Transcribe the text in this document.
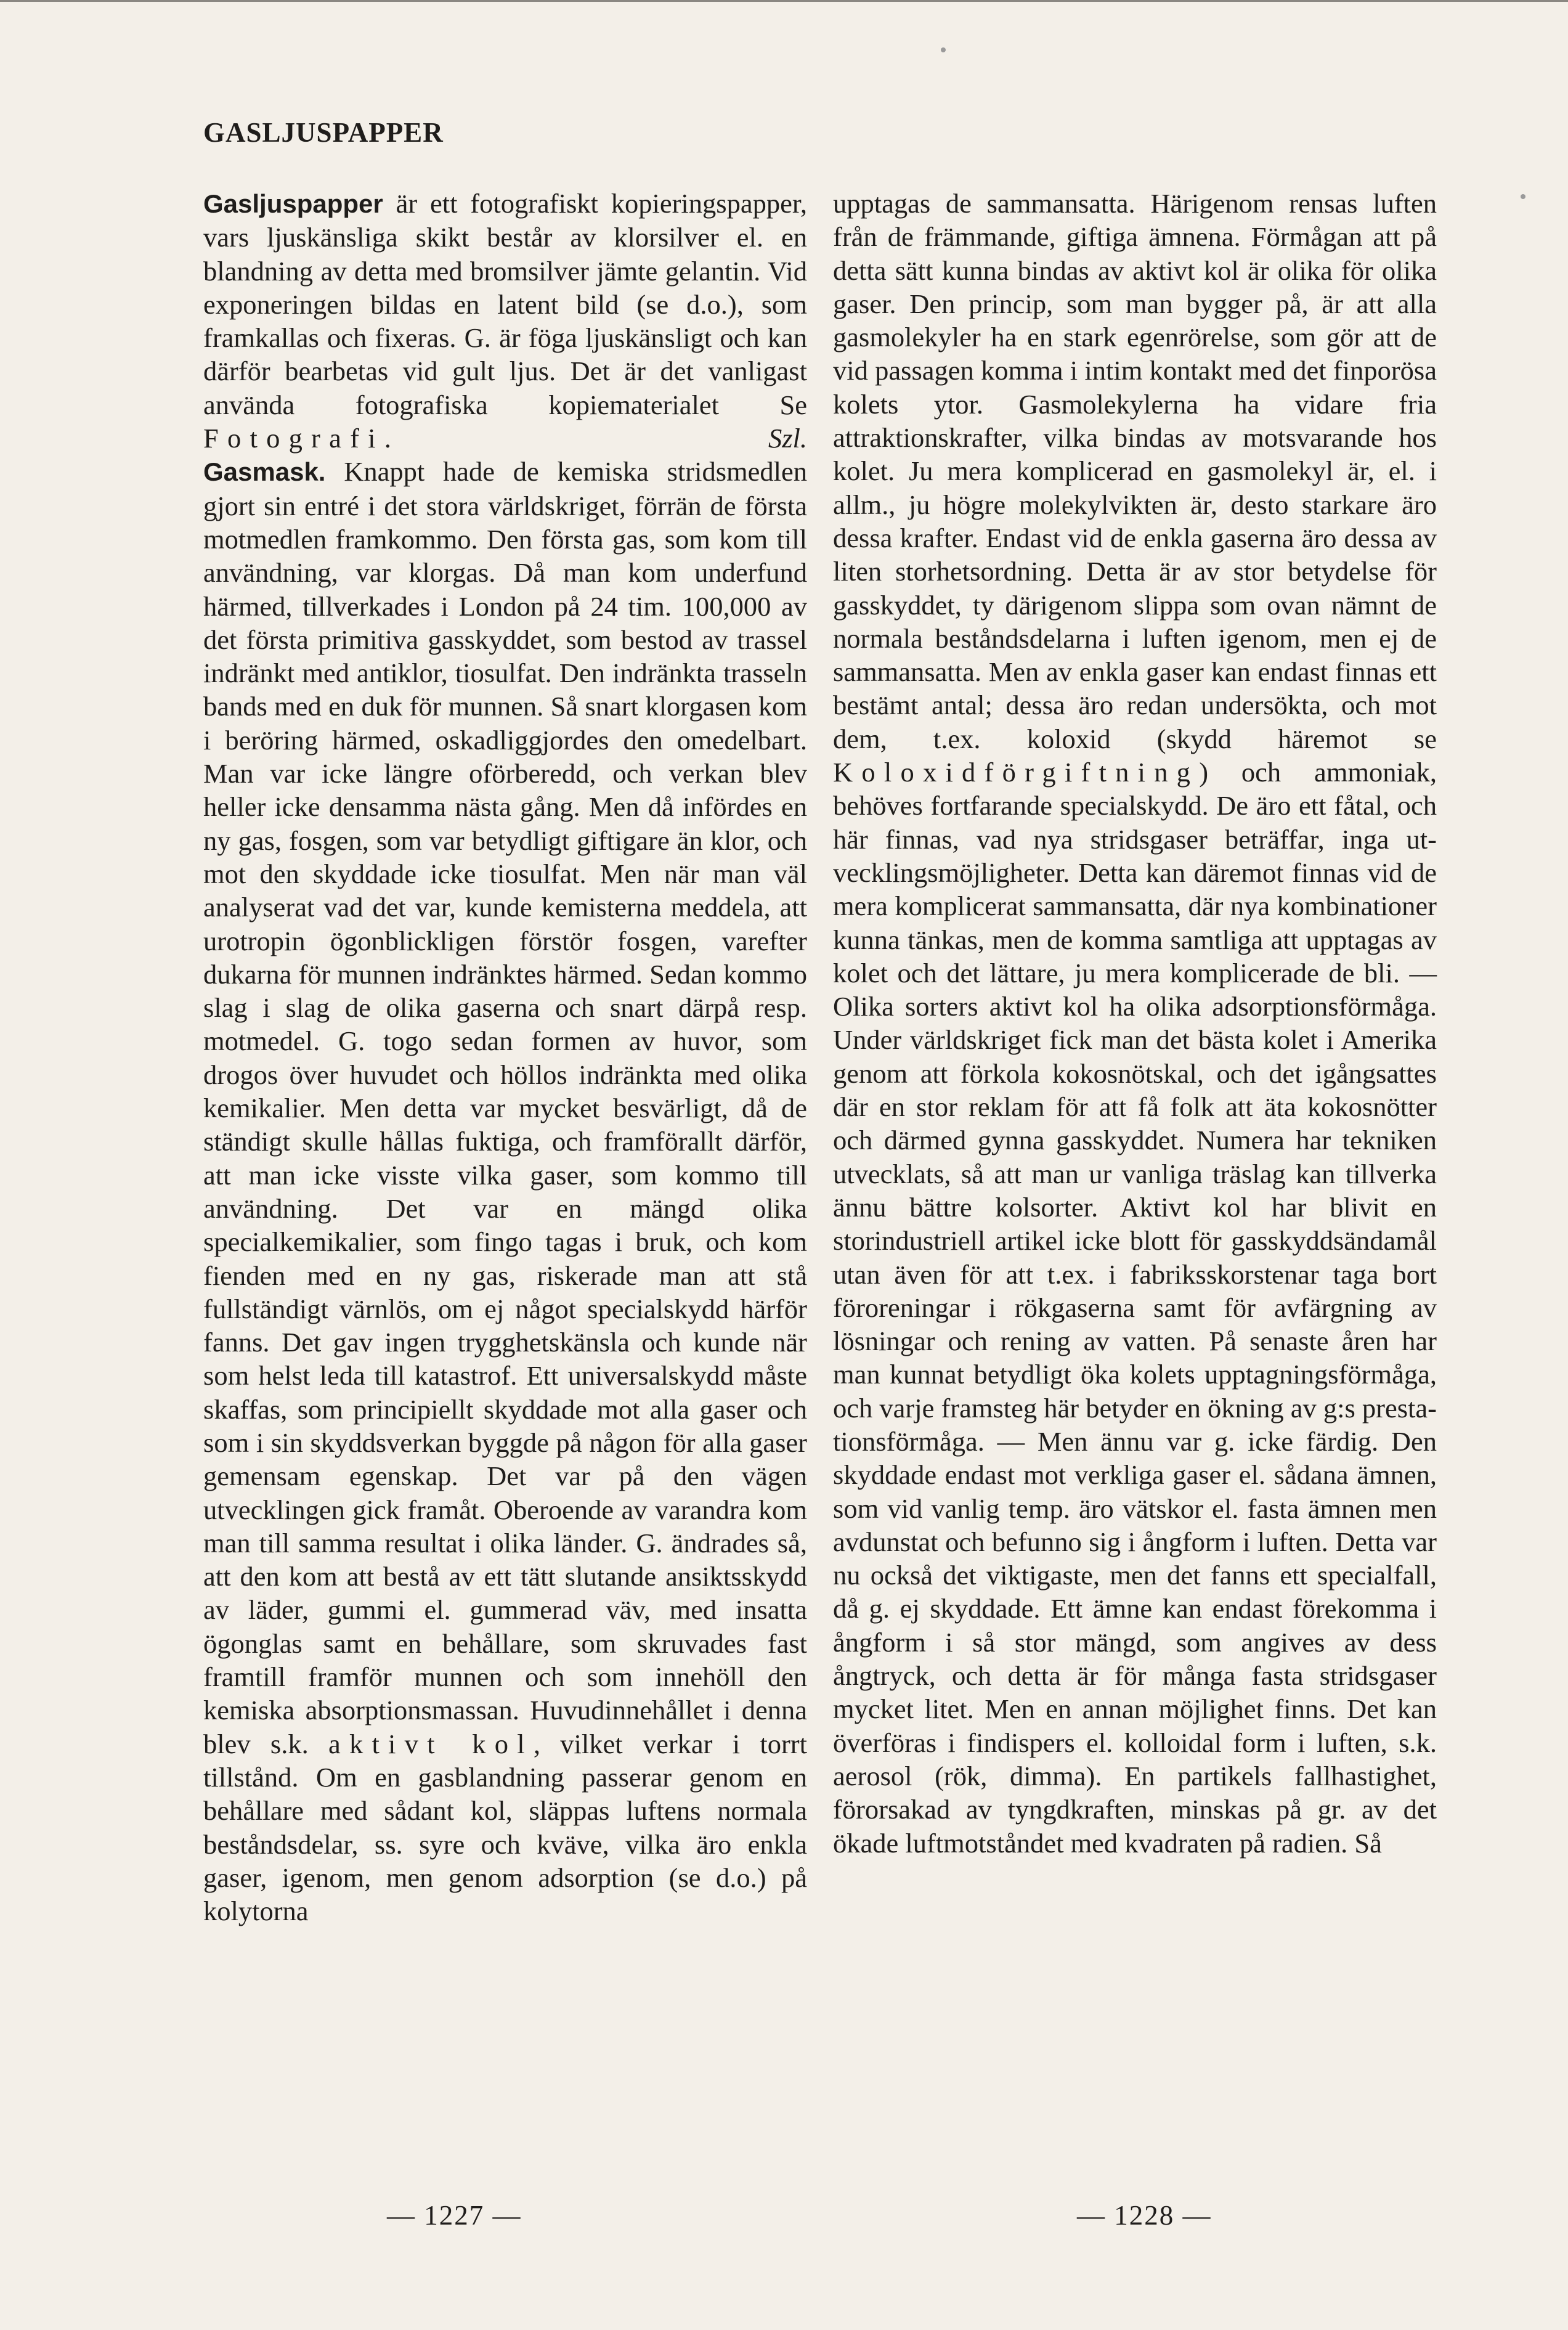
GASLJUSPAPPER

Gasljuspapper är ett fotografiskt kopieringspapper, vars ljuskänsliga skikt består av klorsilver el. en blandning av detta med bromsilver jämte gelantin. Vid exponeringen bildas en latent bild (se d.o.), som framkallas och fixeras. G. är föga ljuskänsligt och kan därför bearbetas vid gult ljus. Det är det vanligast använda fotografiska kopiematerialet Se Fotografi.	Szl.

Gasmask. Knappt hade de kemiska stridsmedlen gjort sin entré i det stora världskriget, förrän de första motmedlen framkommo. Den första gas, som kom till användning, var klorgas. Då man kom underfund härmed, tillverkades i London på 24 tim. 100,000 av det första primitiva gasskyddet, som bestod av trassel indränkt med antiklor, tiosulfat. Den indränkta trasseln bands med en duk för munnen. Så snart klorgasen kom i beröring härmed, oskadliggjordes den omedelbart. Man var icke längre oförberedd, och verkan blev heller icke densamma nästa gång. Men då infördes en ny gas, fosgen, som var betydligt giftigare än klor, och mot den skyddade icke tiosulfat. Men när man väl analyserat vad det var, kunde kemisterna meddela, att urotropin ögonblickligen förstör fosgen, varefter dukarna för munnen indränktes härmed. Sedan kommo slag i slag de olika gaserna och snart därpå resp. motmedel. G. togo sedan formen av huvor, som drogos över huvudet och höllos indränkta med olika kemikalier. Men detta var mycket besvärligt, då de ständigt skulle hållas fuktiga, och framförallt därför, att man icke visste vilka gaser, som kommo till användning. Det var en mängd olika specialkemikalier, som fingo tagas i bruk, och kom fienden med en ny gas, riskerade man att stå fullständigt värnlös, om ej något specialskydd härför fanns. Det gav ingen trygghetskänsla och kunde när som helst leda till katastrof. Ett universalskydd måste skaffas, som principiellt skyddade mot alla gaser och som i sin skyddsverkan byggde på någon för alla gaser gemensam egenskap. Det var på den vägen utvecklingen gick framåt. Oberoende av varandra kom man till samma resultat i olika länder. G. ändrades så, att den kom att bestå av ett tätt slutande ansiktsskydd av läder, gummi el. gummerad väv, med insatta ögonglas samt en behållare, som skruvades fast framtill framför munnen och som innehöll den kemiska absorptionsmassan. Huvudinnehållet i denna blev s.k. aktivt kol, vilket verkar i torrt tillstånd. Om en gasblandning passerar genom en behållare med sådant kol, släppas luftens normala beståndsdelar, ss. syre och kväve, vilka äro enkla gaser, igenom, men genom adsorption (se d.o.) på kolytorna

upptagas de sammansatta. Härigenom rensas luften från de främmande, giftiga ämnena. Förmågan att på detta sätt kunna bindas av aktivt kol är olika för olika gaser. Den princip, som man bygger på, är att alla gasmolekyler ha en stark egenrörelse, som gör att de vid passagen komma i intim kontakt med det finporösa kolets ytor. Gasmolekylerna ha vidare fria attraktionskrafter, vilka bindas av motsvarande hos kolet. Ju mera komplicerad en gasmolekyl är, el. i allm., ju högre molekylvikten är, desto starkare äro dessa krafter. Endast vid de enkla gaserna äro dessa av liten storhetsordning. Detta är av stor betydelse för gasskyddet, ty därigenom slippa som ovan nämnt de normala beståndsdelarna i luften igenom, men ej de sammansatta. Men av enkla gaser kan endast finnas ett bestämt antal; dessa äro redan undersökta, och mot dem, t.ex. koloxid (skydd häremot se Koloxidförgiftning) och ammoniak, behöves fortfarande specialskydd. De äro ett fåtal, och här finnas, vad nya stridsgaser beträffar, inga utvecklingsmöjligheter. Detta kan däremot finnas vid de mera komplicerat sammansatta, där nya kombinationer kunna tänkas, men de komma samtliga att upptagas av kolet och det lättare, ju mera komplicerade de bli. — Olika sorters aktivt kol ha olika adsorptionsförmåga. Under världskriget fick man det bästa kolet i Amerika genom att förkola kokosnötskal, och det igångsattes där en stor reklam för att få folk att äta kokosnötter och därmed gynna gasskyddet. Numera har tekniken utvecklats, så att man ur vanliga träslag kan tillverka ännu bättre kolsorter. Aktivt kol har blivit en storindustriell artikel icke blott för gasskyddsändamål utan även för att t.ex. i fabriksskorstenar taga bort föroreningar i rökgaserna samt för avfärgning av lösningar och rening av vatten. På senaste åren har man kunnat betydligt öka kolets upptagningsförmåga, och varje framsteg här betyder en ökning av g:s prestationsförmåga. — Men ännu var g. icke färdig. Den skyddade endast mot verkliga gaser el. sådana ämnen, som vid vanlig temp. äro vätskor el. fasta ämnen men avdunstat och befunno sig i ångform i luften. Detta var nu också det viktigaste, men det fanns ett specialfall, då g. ej skyddade. Ett ämne kan endast förekomma i ångform i så stor mängd, som angives av dess ångtryck, och detta är för många fasta stridsgaser mycket litet. Men en annan möjlighet finns. Det kan överföras i findispers el. kolloidal form i luften, s.k. aerosol (rök, dimma). En partikels fallhastighet, förorsakad av tyngdkraften, minskas på gr. av det ökade luftmotståndet med kvadraten på radien. Så

— 1227 —	— 1228 —
